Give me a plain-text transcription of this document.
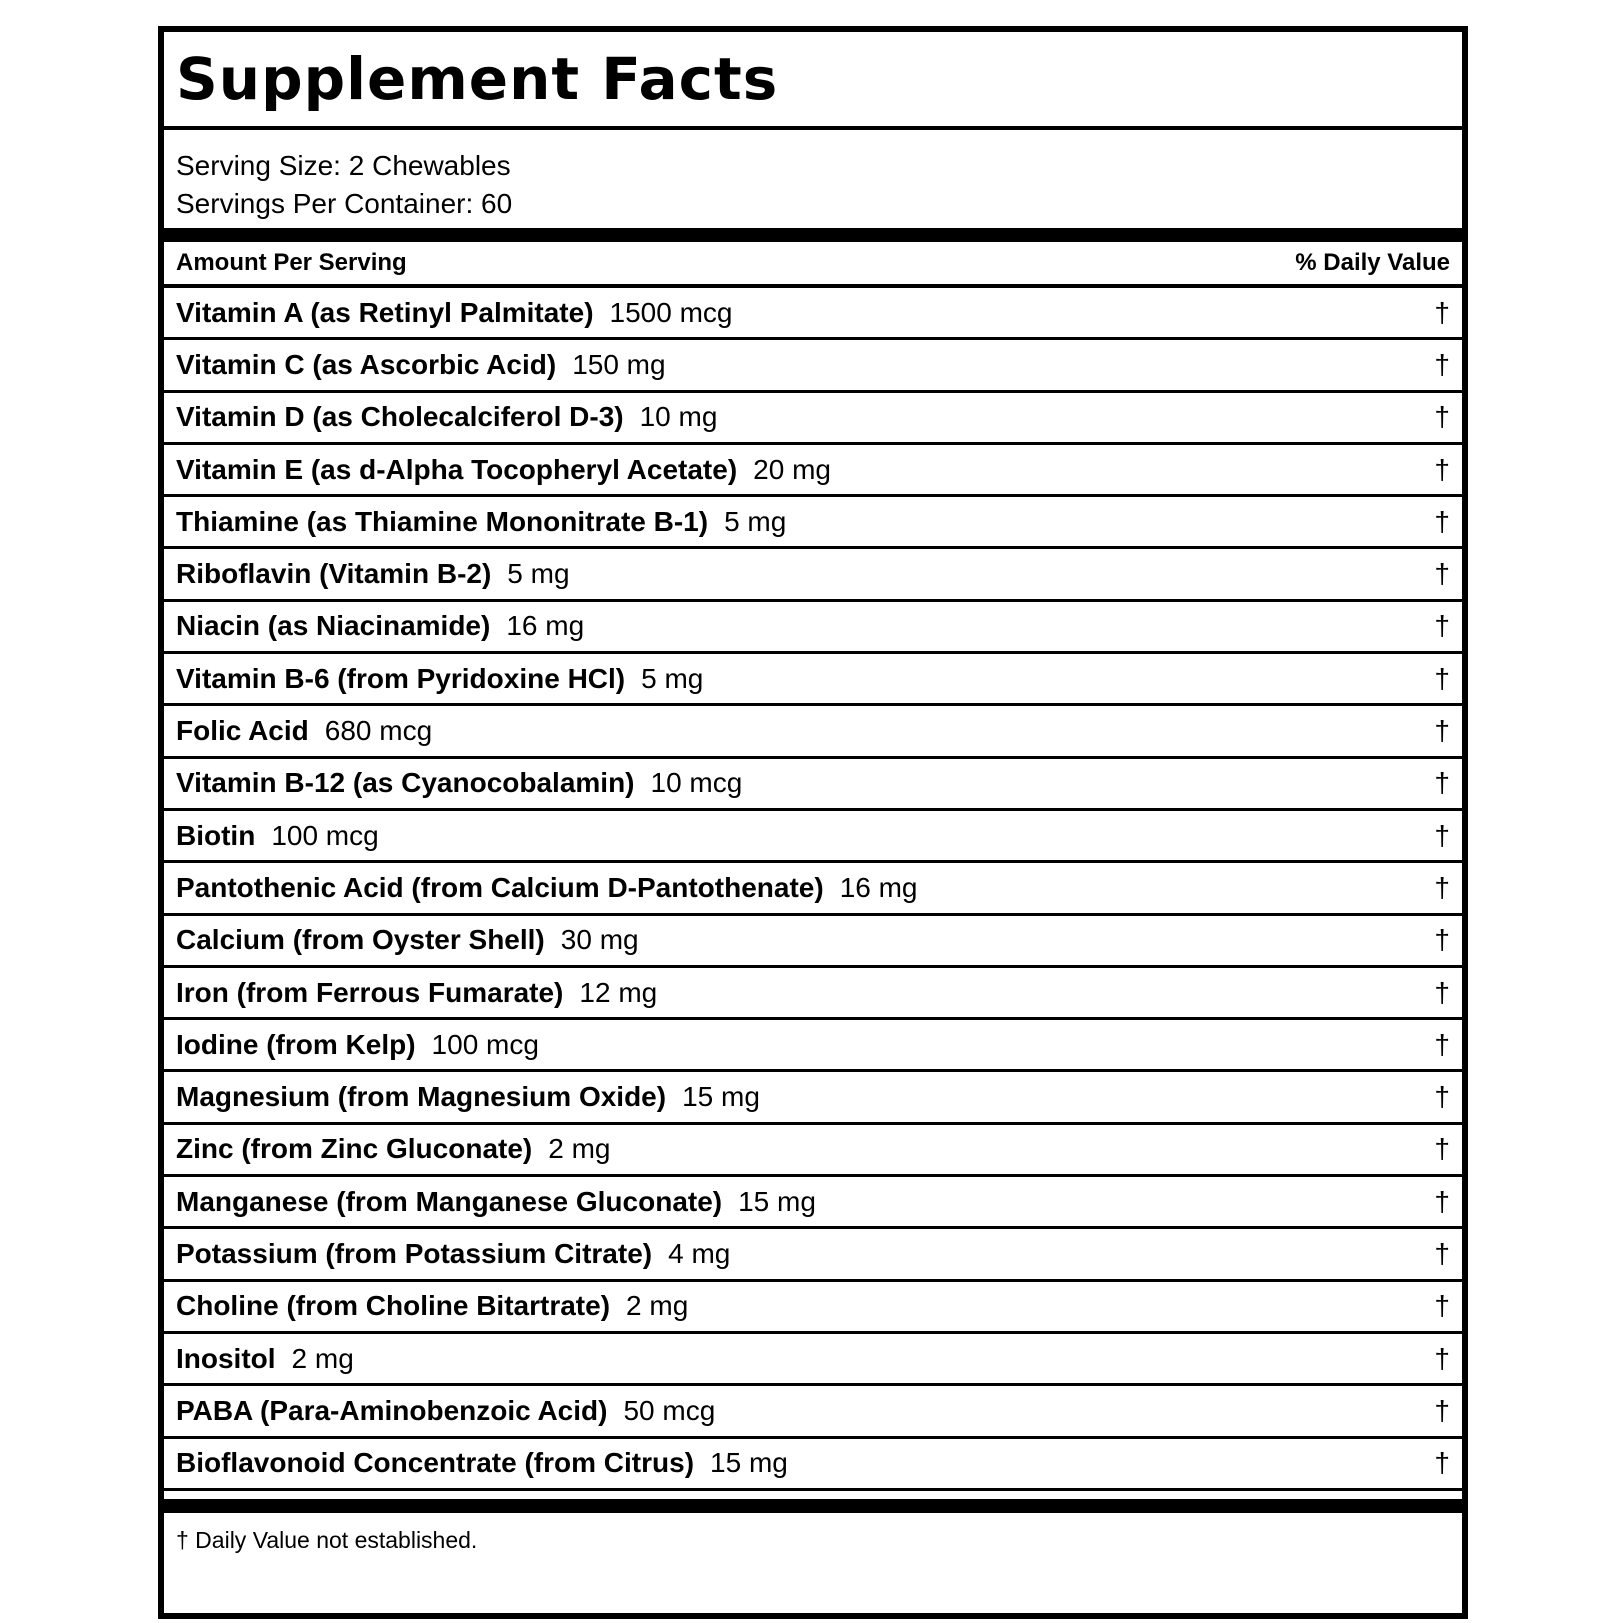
Supplement Facts
Serving Size: 2 Chewables
Servings Per Container: 60
Amount Per Serving	% Daily Value
Vitamin A (as Retinyl Palmitate) 1500 mcg	†
Vitamin C (as Ascorbic Acid) 150 mg	†
Vitamin D (as Cholecalciferol D-3) 10 mg	†
Vitamin E (as d-Alpha Tocopheryl Acetate) 20 mg	†
Thiamine (as Thiamine Mononitrate B-1) 5 mg	†
Riboflavin (Vitamin B-2) 5 mg	†
Niacin (as Niacinamide) 16 mg	†
Vitamin B-6 (from Pyridoxine HCl) 5 mg	†
Folic Acid 680 mcg	†
Vitamin B-12 (as Cyanocobalamin) 10 mcg	†
Biotin 100 mcg	†
Pantothenic Acid (from Calcium D-Pantothenate) 16 mg	†
Calcium (from Oyster Shell) 30 mg	†
Iron (from Ferrous Fumarate) 12 mg	†
Iodine (from Kelp) 100 mcg	†
Magnesium (from Magnesium Oxide) 15 mg	†
Zinc (from Zinc Gluconate) 2 mg	†
Manganese (from Manganese Gluconate) 15 mg	†
Potassium (from Potassium Citrate) 4 mg	†
Choline (from Choline Bitartrate) 2 mg	†
Inositol 2 mg	†
PABA (Para-Aminobenzoic Acid) 50 mcg	†
Bioflavonoid Concentrate (from Citrus) 15 mg	†
† Daily Value not established.
